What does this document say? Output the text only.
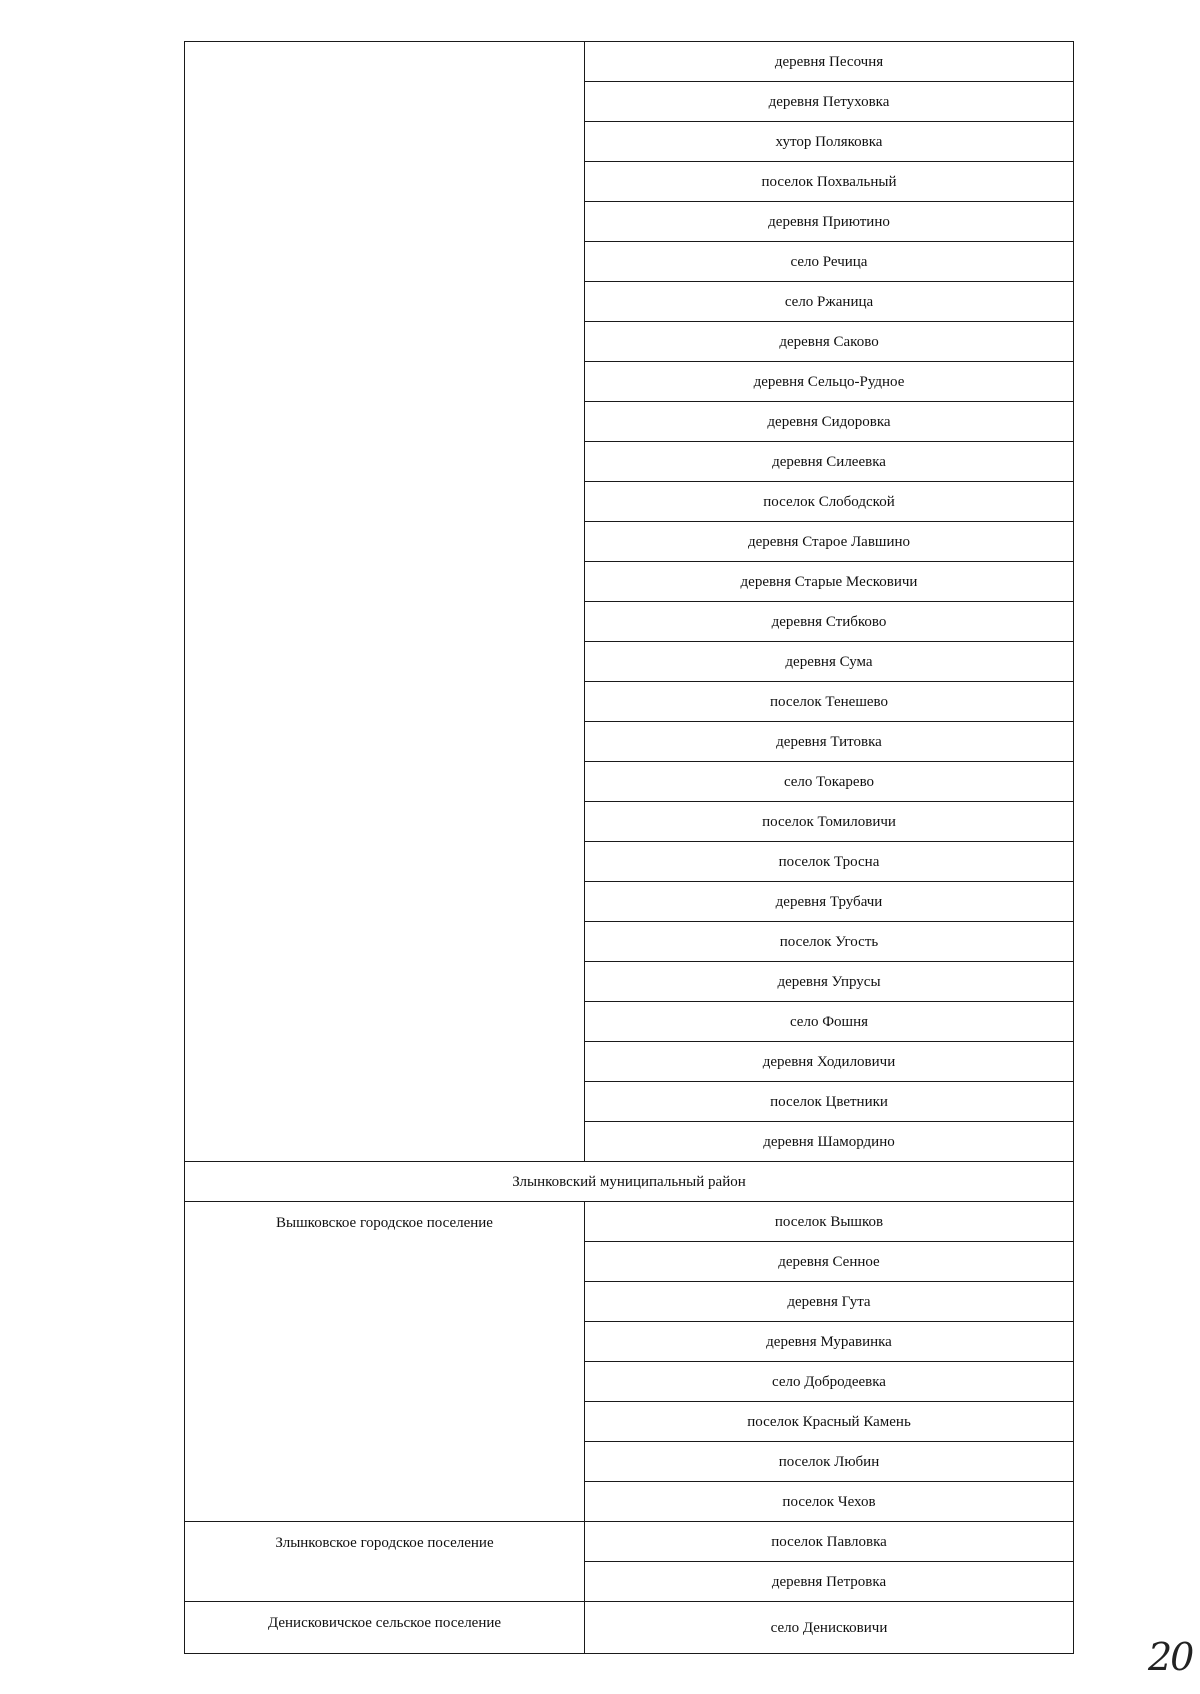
	деревня Песочня
	деревня Петуховка
	хутор Поляковка
	поселок Похвальный
	деревня Приютино
	село Речица
	село Ржаница
	деревня Саково
	деревня Сельцо-Рудное
	деревня Сидоровка
	деревня Силеевка
	поселок Слободской
	деревня Старое Лавшино
	деревня Старые Месковичи
	деревня Стибково
	деревня Сума
	поселок Тенешево
	деревня Титовка
	село Токарево
	поселок Томиловичи
	поселок Тросна
	деревня Трубачи
	поселок Угость
	деревня Упрусы
	село Фошня
	деревня Ходиловичи
	поселок Цветники
	деревня Шамордино
Злынковский муниципальный район	
Вышковское городское поселение	поселок Вышков
	деревня Сенное
	деревня Гута
	деревня Муравинка
	село Добродеевка
	поселок Красный Камень
	поселок Любин
	поселок Чехов
Злынковское городское поселение	поселок Павловка
	деревня Петровка
Денисковичское сельское поселение	село Денисковичи
20
